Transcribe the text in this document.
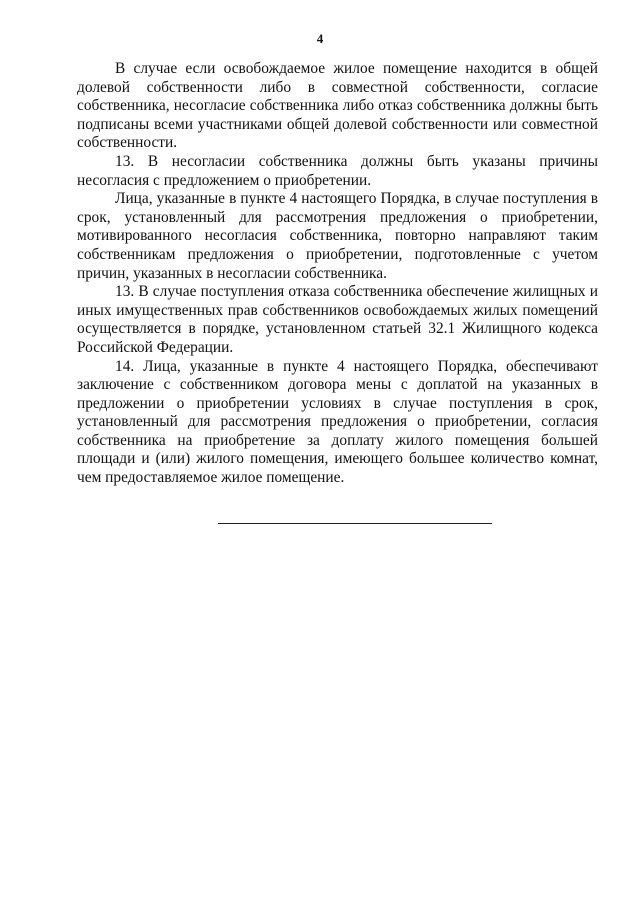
4

В случае если освобождаемое жилое помещение находится в общей долевой собственности либо в совместной собственности, согласие собственника, несогласие собственника либо отказ собственника должны быть подписаны всеми участниками общей долевой собственности или совместной собственности.

13. В несогласии собственника должны быть указаны причины несогласия с предложением о приобретении.

Лица, указанные в пункте 4 настоящего Порядка, в случае поступления в срок, установленный для рассмотрения предложения о приобретении, мотивированного несогласия собственника, повторно направляют таким собственникам предложения о приобретении, подготовленные с учетом причин, указанных в несогласии собственника.

13. В случае поступления отказа собственника обеспечение жилищных и иных имущественных прав собственников освобождаемых жилых помещений осуществляется в порядке, установленном статьей 32.1 Жилищного кодекса Российской Федерации.

14. Лица, указанные в пункте 4 настоящего Порядка, обеспечивают заключение с собственником договора мены с доплатой на указанных в предложении о приобретении условиях в случае поступления в срок, установленный для рассмотрения предложения о приобретении, согласия собственника на приобретение за доплату жилого помещения большей площади и (или) жилого помещения, имеющего большее количество комнат, чем предоставляемое жилое помещение.
